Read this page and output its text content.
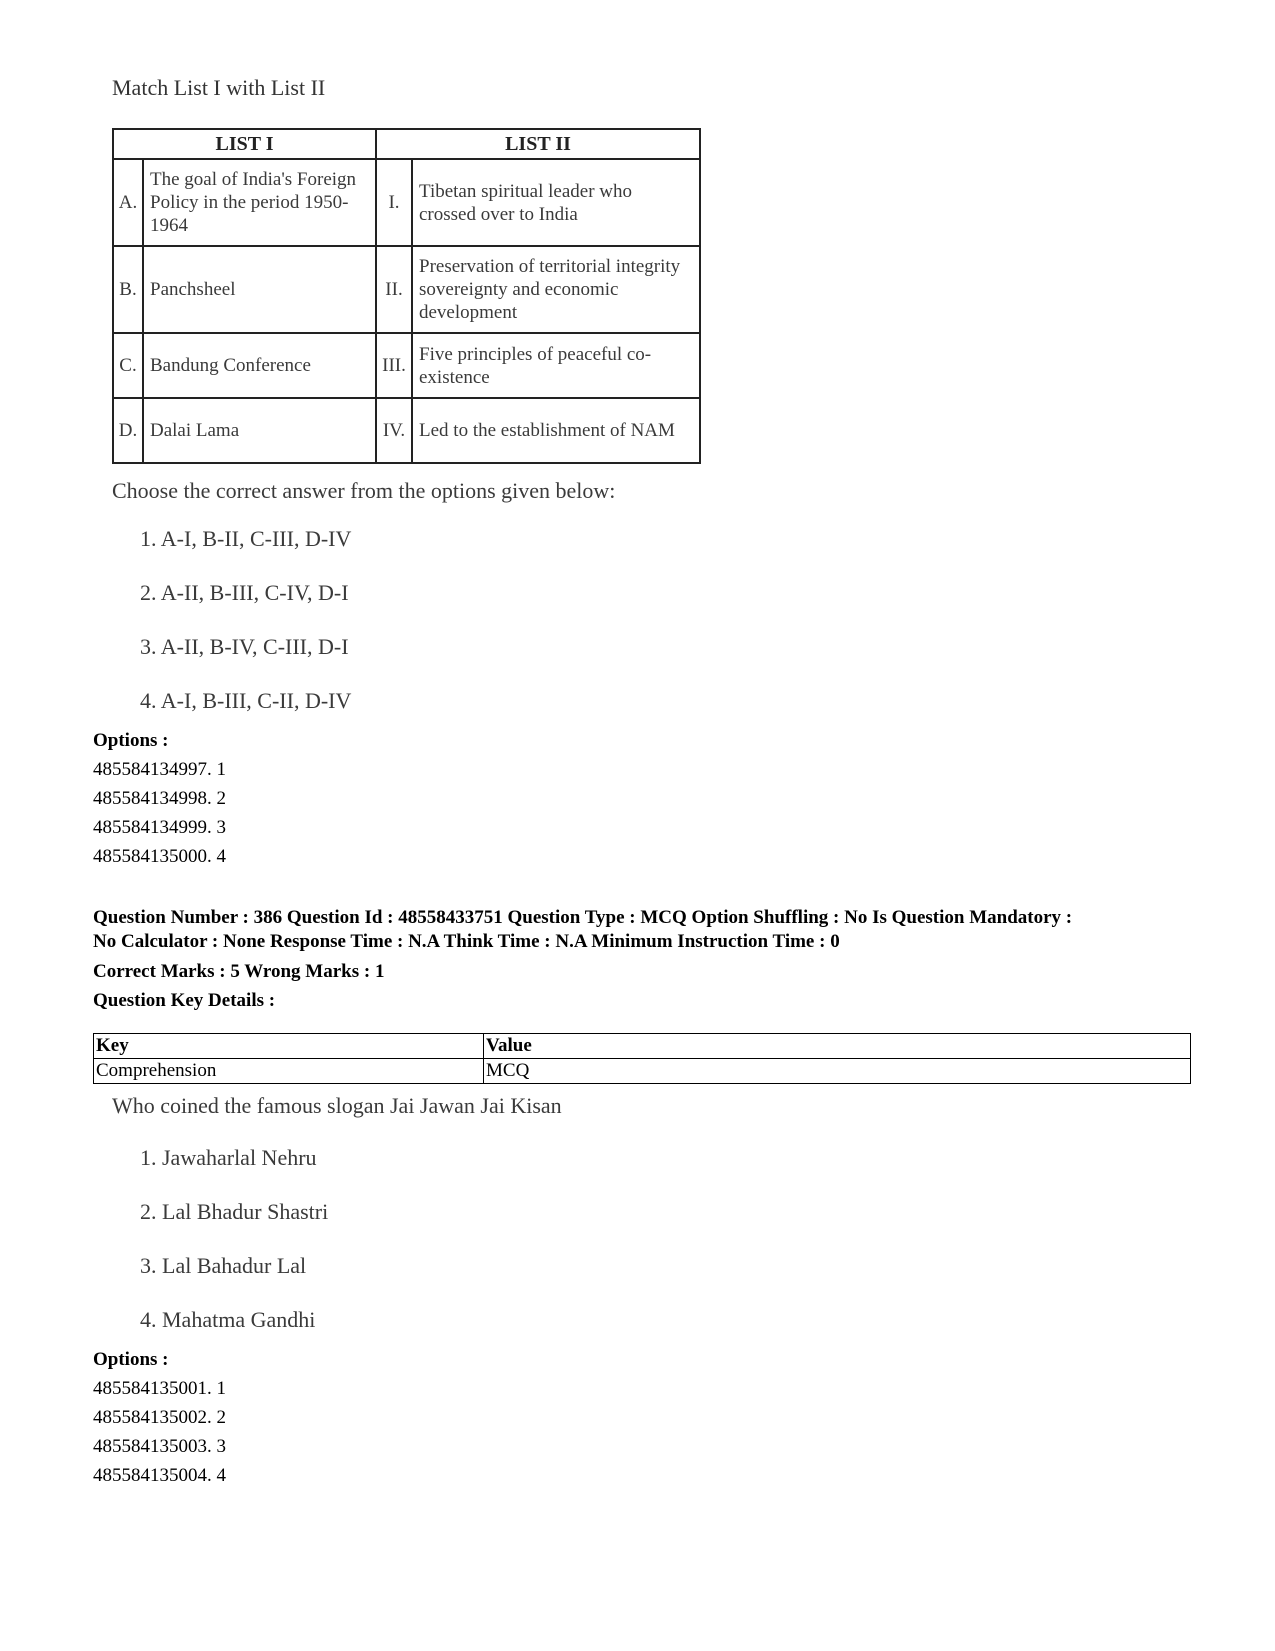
Match List I with List II
LIST I		LIST II	
A.	The goal of India's Foreign Policy in the period 1950-1964	I.	Tibetan spiritual leader who crossed over to India
B.	Panchsheel	II.	Preservation of territorial integrity sovereignty and economic development
C.	Bandung Conference	III.	Five principles of peaceful co-existence
D.	Dalai Lama	IV.	Led to the establishment of NAM
Choose the correct answer from the options given below:
1. A-I, B-II, C-III, D-IV
2. A-II, B-III, C-IV, D-I
3. A-II, B-IV, C-III, D-I
4. A-I, B-III, C-II, D-IV
Options :
485584134997. 1
485584134998. 2
485584134999. 3
485584135000. 4
Question Number : 386 Question Id : 48558433751 Question Type : MCQ Option Shuffling : No Is Question Mandatory :
No Calculator : None Response Time : N.A Think Time : N.A Minimum Instruction Time : 0
Correct Marks : 5 Wrong Marks : 1
Question Key Details :
Key	Value
Comprehension	MCQ
Who coined the famous slogan Jai Jawan Jai Kisan
1. Jawaharlal Nehru
2. Lal Bhadur Shastri
3. Lal Bahadur Lal
4. Mahatma Gandhi
Options :
485584135001. 1
485584135002. 2
485584135003. 3
485584135004. 4
